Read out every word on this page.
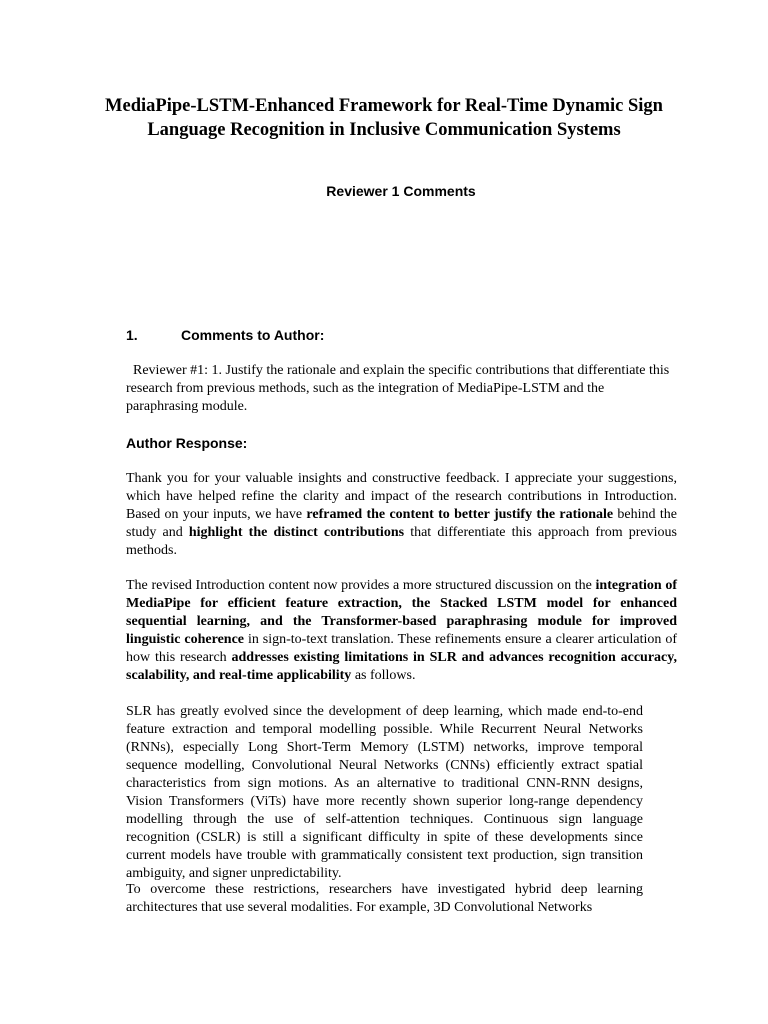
MediaPipe-LSTM-Enhanced Framework for Real-Time Dynamic Sign Language Recognition in Inclusive Communication Systems
Reviewer 1 Comments
1.	Comments to Author:

Reviewer #1: 1. Justify the rationale and explain the specific contributions that differentiate this research from previous methods, such as the integration of MediaPipe-LSTM and the paraphrasing module.

Author Response:

Thank you for your valuable insights and constructive feedback. I appreciate your suggestions, which have helped refine the clarity and impact of the research contributions in Introduction. Based on your inputs, we have reframed the content to better justify the rationale behind the study and highlight the distinct contributions that differentiate this approach from previous methods.

The revised Introduction content now provides a more structured discussion on the integration of MediaPipe for efficient feature extraction, the Stacked LSTM model for enhanced sequential learning, and the Transformer-based paraphrasing module for improved linguistic coherence in sign-to-text translation. These refinements ensure a clearer articulation of how this research addresses existing limitations in SLR and advances recognition accuracy, scalability, and real-time applicability as follows.

SLR has greatly evolved since the development of deep learning, which made end-to-end feature extraction and temporal modelling possible. While Recurrent Neural Networks (RNNs), especially Long Short-Term Memory (LSTM) networks, improve temporal sequence modelling, Convolutional Neural Networks (CNNs) efficiently extract spatial characteristics from sign motions. As an alternative to traditional CNN-RNN designs, Vision Transformers (ViTs) have more recently shown superior long-range dependency modelling through the use of self-attention techniques. Continuous sign language recognition (CSLR) is still a significant difficulty in spite of these developments since current models have trouble with grammatically consistent text production, sign transition ambiguity, and signer unpredictability.

To overcome these restrictions, researchers have investigated hybrid deep learning architectures that use several modalities. For example, 3D Convolutional Networks
